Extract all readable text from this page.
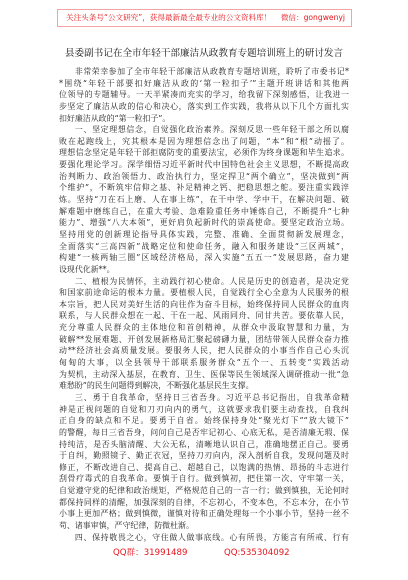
关注头条号“公文研究”，获得最新最全最专业的公文资料库！ 微信：gongwenyj
县委副书记在全市年轻干部廉洁从政教育专题培训班上的研讨发言
非常荣幸参加了全市年轻干部廉洁从政教育专题培训班，聆听了市委书记*
*围绕“年轻干部要扣好廉洁从政的‘第一粒扣子’”主题开班讲话和其他两
位领导的专题辅导。一天半紧凑而充实的学习，给我留下深刻感悟，让我进一
步坚定了廉洁从政的信心和决心，落实到工作实践，我将从以下几个方面扎实
扣好廉洁从政的“第一粒扣子”。
一、坚定理想信念，自觉强化政治素养。深刻反思一些年轻干部之所以腐
败在起跑线上，究其根本是因为理想信念出了问题，“本”和“根”动摇了。
理想信念坚定是年轻干部拒腐防变的重要法宝，必须作为终身课题和毕生追求。
要强化理论学习。深学细悟习近平新时代中国特色社会主义思想，不断提高政
治判断力、政治领悟力、政治执行力，坚定捍卫“两个确立”，坚决做到“两
个维护”，不断筑牢信仰之基、补足精神之钙、把稳思想之舵。要注重实践淬
炼。坚持“刀在石上磨、人在事上练”，在干中学、学中干，在解决问题、破
解难题中磨练自己，在重大考验、急难险重任务中锤炼自己，不断提升“七种
能力”、增强“八大本领”，更好肩负起新时代的崇高使命。要坚定政治立场。
坚持用党的创新理论指导具体实践，完整、准确、全面贯彻新发展理念，
全面落实“三高四新”战略定位和使命任务，融入和服务建设“三区两城”，
构建“一核两轴三圈”区域经济格局，深入实施“五五一”发展思路，奋力建
设现代化新**。
二、植根为民情怀，主动践行初心使命。人民是历史的创造者，是决定党
和国家前途命运的根本力量。要植根人民，自觉践行全心全意为人民服务的根
本宗旨，把人民对美好生活的向往作为奋斗目标，始终保持同人民群众的血肉
联系，与人民群众想在一起、干在一起、风雨同舟、同甘共苦。要依靠人民，
充分尊重人民群众的主体地位和首创精神，从群众中汲取智慧和力量，为
破解**发展难题、开创发展新格局汇聚起磅礴力量，团结带领人民群众奋力推
动**经济社会高质量发展。要服务人民，把人民群众的小事当作自己心头沉
甸甸的大事，以全县领导干部联系服务群众“五个一、五转变”实践活动
为契机，主动深入基层，在教育、卫生、医保等民生领域深入调研推动一批“急
难愁盼”的民生问题得到解决，不断强化基层民生支撑。
三、勇于自我革命，坚持日三省吾身。习近平总书记指出，自我革命精
神是正视问题的自觉和刀刃向内的勇气，这就要求我们要主动查找，自我纠
正自身的缺点和不足。要勇于自省。始终保持身处“聚光灯下”“放大镜下”
的警醒，每日三省吾身，问问自己是否牢记初心、心底无私，是否清廉无瑕、保
持纯洁，是否头脑清醒、大公无私，清晰地认识自己，准确地摆正自己。要勇
于自纠，勤照镜子、勤正衣冠，坚持刀刃向内，深入剖析自我，发现问题及时
修正，不断改进自己、提高自己、超越自己，以饱满的热情、昂扬的斗志进行
刮骨疗毒式的自我革命。要慎于自行。做到慎初，把住第一次、守牢第一关，
自觉遵守党的纪律和政治规矩，严格规范自己的一言一行；做到慎独，无论何时
都保持同样的清醒，加强深刻的自律，不忘初心，不变本色，不忘本分，在小节
小事上更加严格；做到慎微，谨慎对待和正确处理每一个小事小节，坚持一丝不
苟、诸事审慎，严守纪律，防微杜渐。
四、保持敬畏之心，守住做人做事底线。心有所畏，方能言有所戒、行有
QQ群：31991489	QQ:535304092
